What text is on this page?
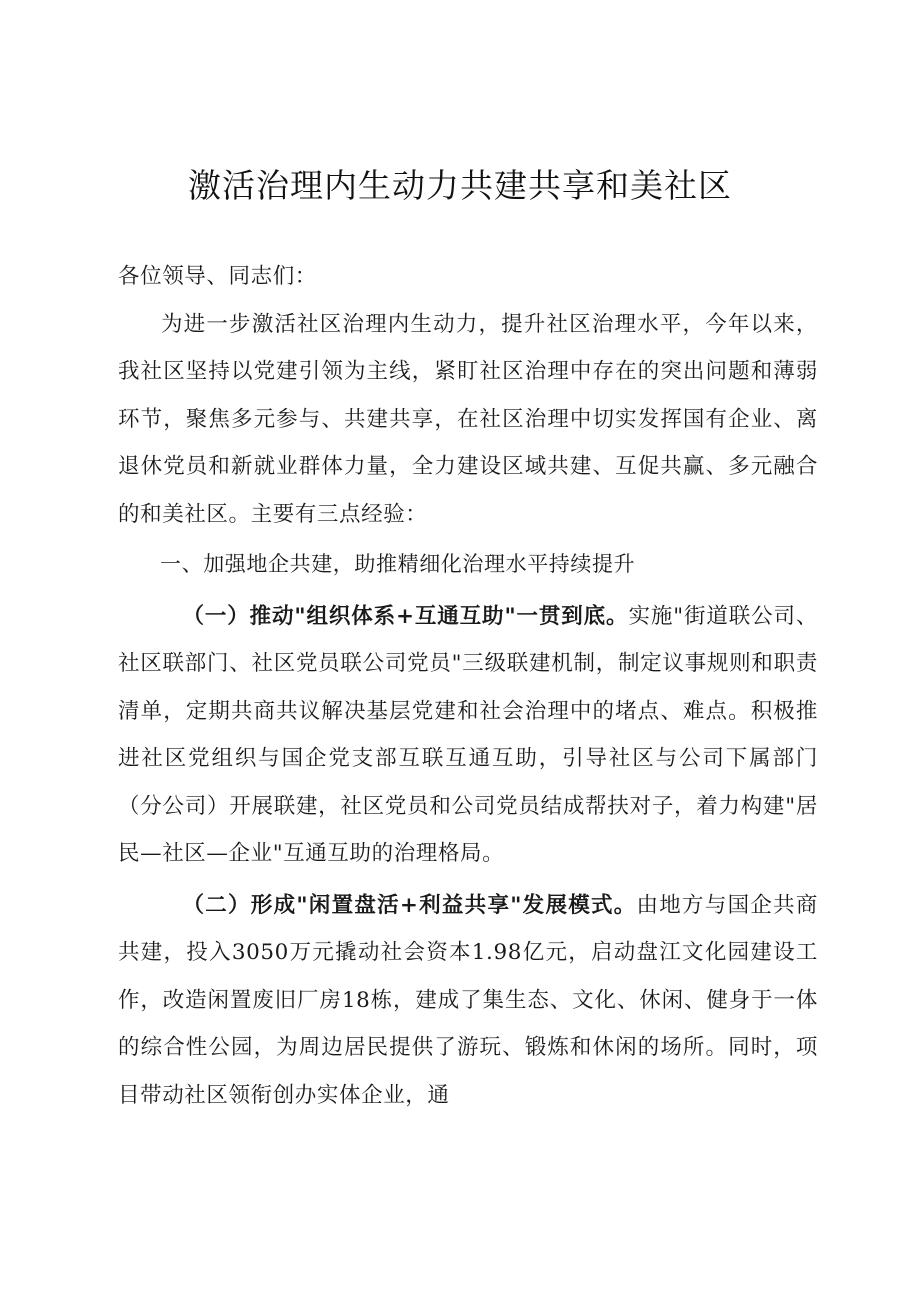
激活治理内生动力共建共享和美社区

各位领导、同志们：

为进一步激活社区治理内生动力，提升社区治理水平，今年以来，我社区坚持以党建引领为主线，紧盯社区治理中存在的突出问题和薄弱环节，聚焦多元参与、共建共享，在社区治理中切实发挥国有企业、离退休党员和新就业群体力量，全力建设区域共建、互促共赢、多元融合的和美社区。主要有三点经验：

一、加强地企共建，助推精细化治理水平持续提升

（一）推动"组织体系+互通互助"一贯到底。实施"街道联公司、社区联部门、社区党员联公司党员"三级联建机制，制定议事规则和职责清单，定期共商共议解决基层党建和社会治理中的堵点、难点。积极推进社区党组织与国企党支部互联互通互助，引导社区与公司下属部门（分公司）开展联建，社区党员和公司党员结成帮扶对子，着力构建"居民—社区—企业"互通互助的治理格局。

（二）形成"闲置盘活+利益共享"发展模式。由地方与国企共商共建，投入3050万元撬动社会资本1.98亿元，启动盘江文化园建设工作，改造闲置废旧厂房18栋，建成了集生态、文化、休闲、健身于一体的综合性公园，为周边居民提供了游玩、锻炼和休闲的场所。同时，项目带动社区领衔创办实体企业，通
